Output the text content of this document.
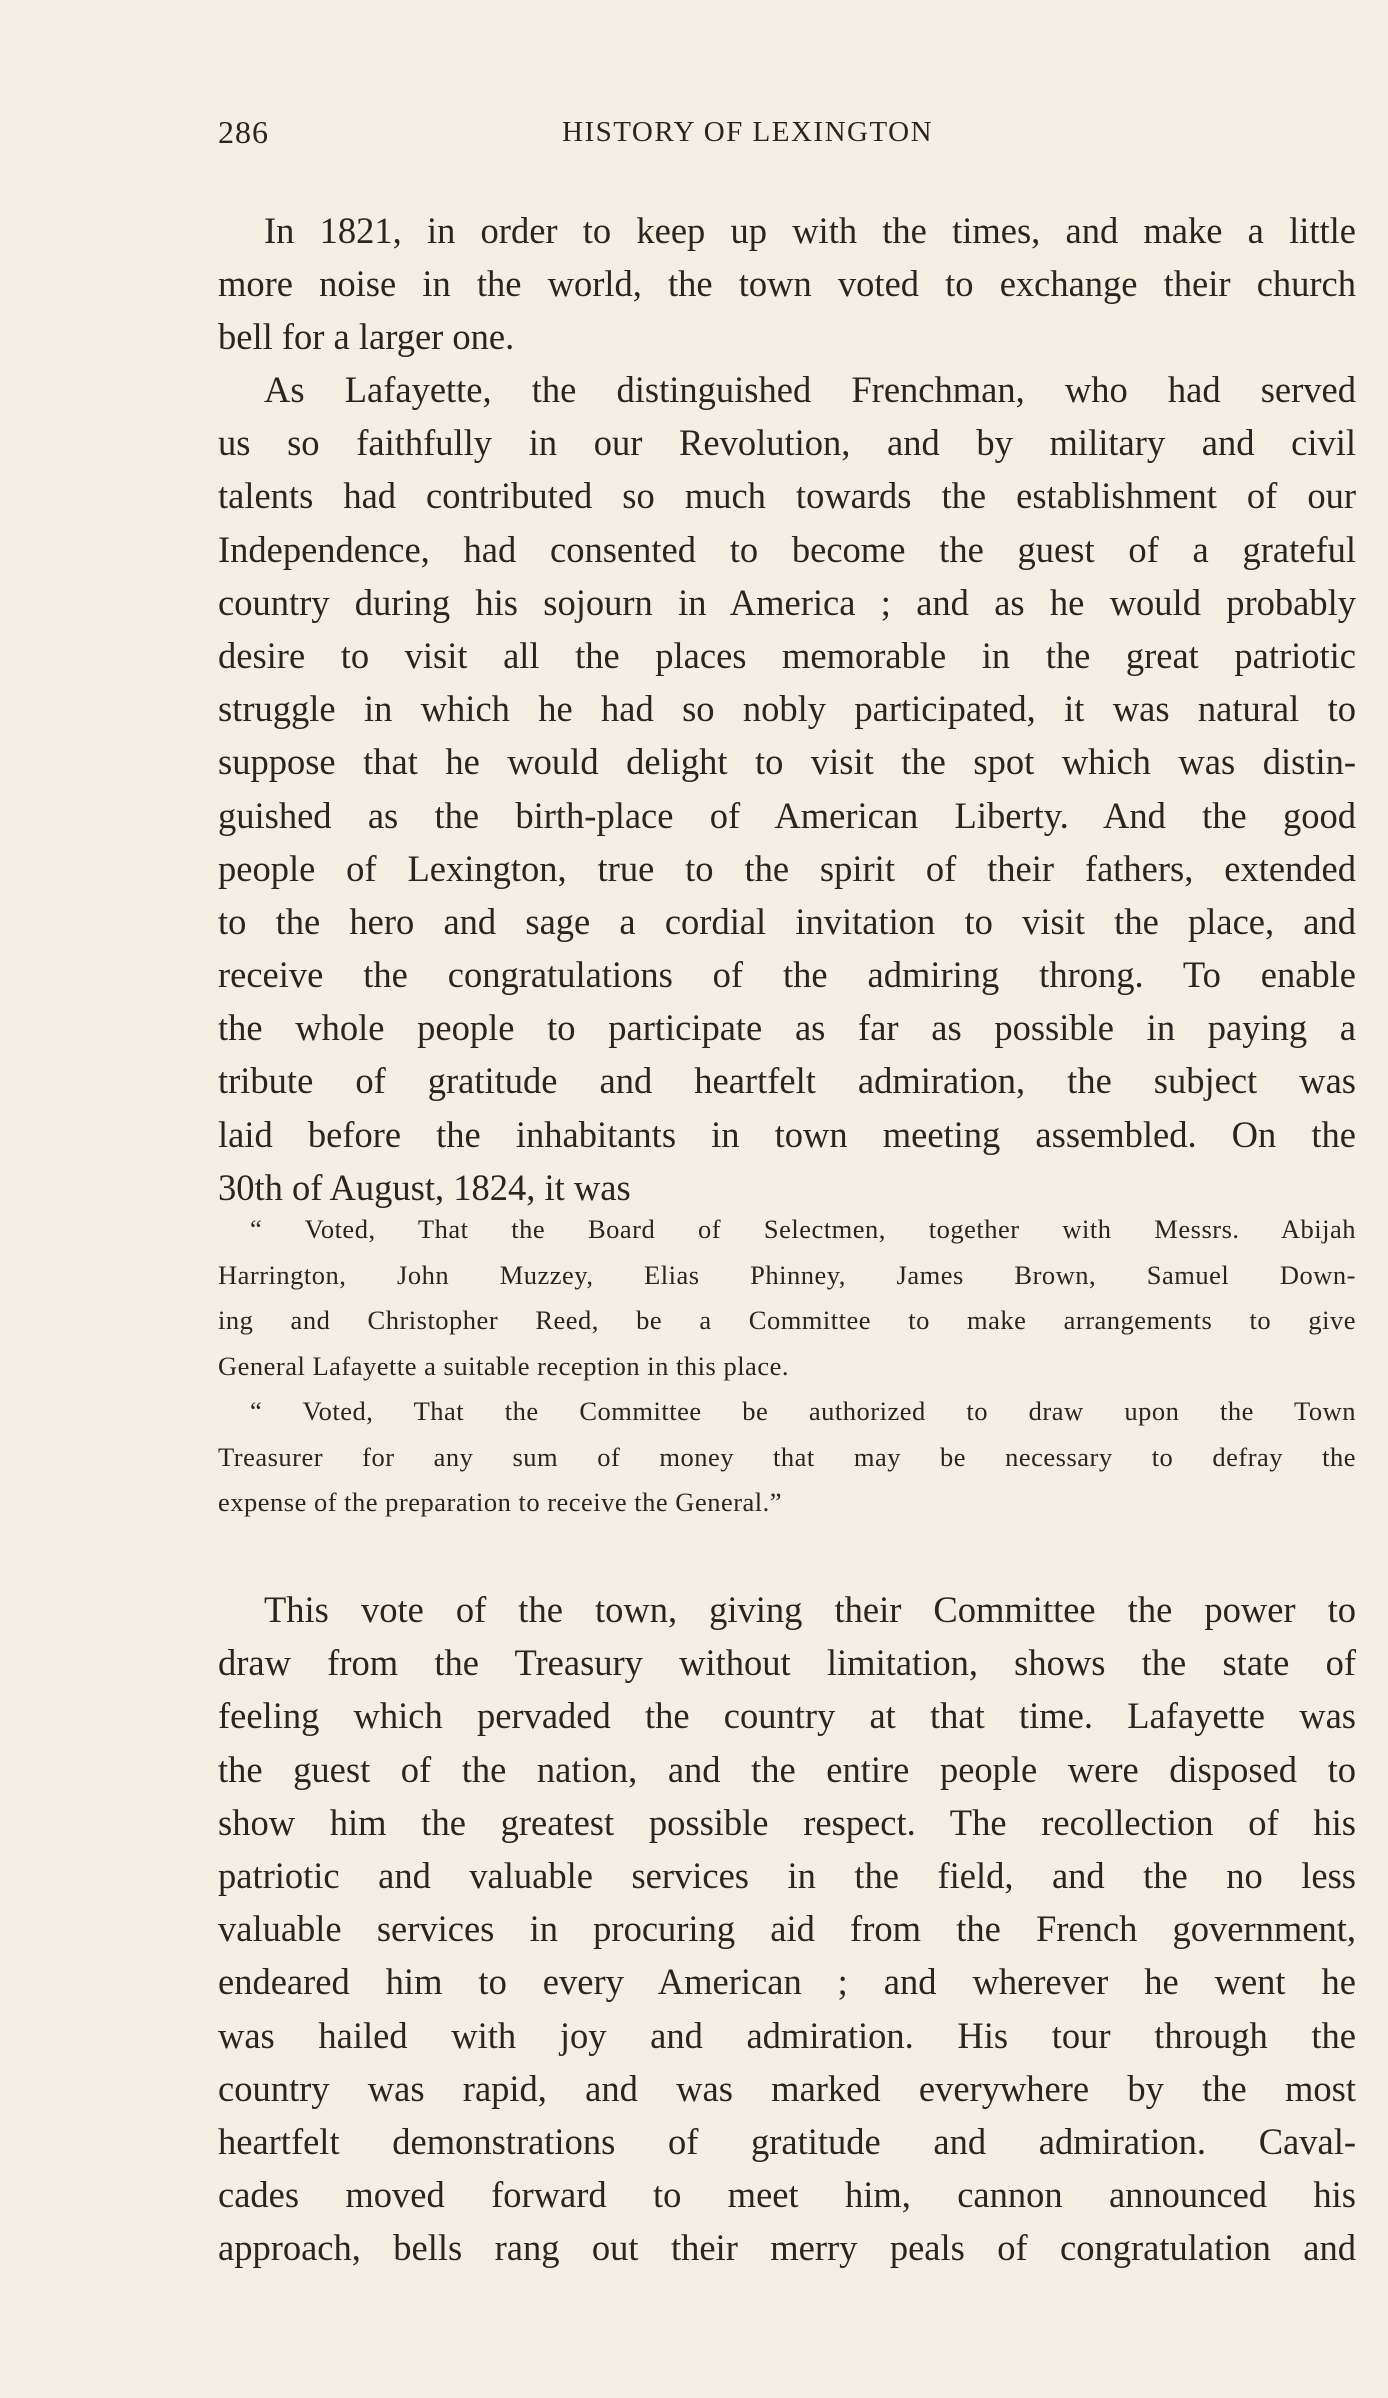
286	HISTORY OF LEXINGTON
In 1821, in order to keep up with the times, and make a little
more noise in the world, the town voted to exchange their church
bell for a larger one.
As Lafayette, the distinguished Frenchman, who had served
us so faithfully in our Revolution, and by military and civil
talents had contributed so much towards the establishment of our
Independence, had consented to become the guest of a grateful
country during his sojourn in America ; and as he would probably
desire to visit all the places memorable in the great patriotic
struggle in which he had so nobly participated, it was natural to
suppose that he would delight to visit the spot which was distin-
guished as the birth-place of American Liberty. And the good
people of Lexington, true to the spirit of their fathers, extended
to the hero and sage a cordial invitation to visit the place, and
receive the congratulations of the admiring throng. To enable
the whole people to participate as far as possible in paying a
tribute of gratitude and heartfelt admiration, the subject was
laid before the inhabitants in town meeting assembled. On the
30th of August, 1824, it was
“ Voted, That the Board of Selectmen, together with Messrs. Abijah
Harrington, John Muzzey, Elias Phinney, James Brown, Samuel Down-
ing and Christopher Reed, be a Committee to make arrangements to give
General Lafayette a suitable reception in this place.
“ Voted, That the Committee be authorized to draw upon the Town
Treasurer for any sum of money that may be necessary to defray the
expense of the preparation to receive the General.”
This vote of the town, giving their Committee the power to
draw from the Treasury without limitation, shows the state of
feeling which pervaded the country at that time. Lafayette was
the guest of the nation, and the entire people were disposed to
show him the greatest possible respect. The recollection of his
patriotic and valuable services in the field, and the no less
valuable services in procuring aid from the French government,
endeared him to every American ; and wherever he went he
was hailed with joy and admiration. His tour through the
country was rapid, and was marked everywhere by the most
heartfelt demonstrations of gratitude and admiration. Caval-
cades moved forward to meet him, cannon announced his
approach, bells rang out their merry peals of congratulation and
